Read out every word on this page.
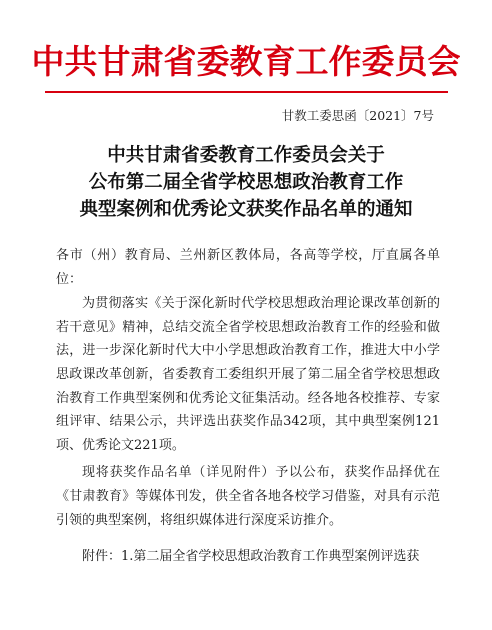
中共甘肃省委教育工作委员会
甘教工委思函〔2021〕7号
中共甘肃省委教育工作委员会关于
公布第二届全省学校思想政治教育工作
典型案例和优秀论文获奖作品名单的通知

各市（州）教育局、兰州新区教体局，各高等学校，厅直属各单位：

为贯彻落实《关于深化新时代学校思想政治理论课改革创新的若干意见》精神，总结交流全省学校思想政治教育工作的经验和做法，进一步深化新时代大中小学思想政治教育工作，推进大中小学思政课改革创新，省委教育工委组织开展了第二届全省学校思想政治教育工作典型案例和优秀论文征集活动。经各地各校推荐、专家组评审、结果公示，共评选出获奖作品342项，其中典型案例121项、优秀论文221项。

现将获奖作品名单（详见附件）予以公布，获奖作品择优在《甘肃教育》等媒体刊发，供全省各地各校学习借鉴，对具有示范引领的典型案例，将组织媒体进行深度采访推介。

附件：1.第二届全省学校思想政治教育工作典型案例评选获
